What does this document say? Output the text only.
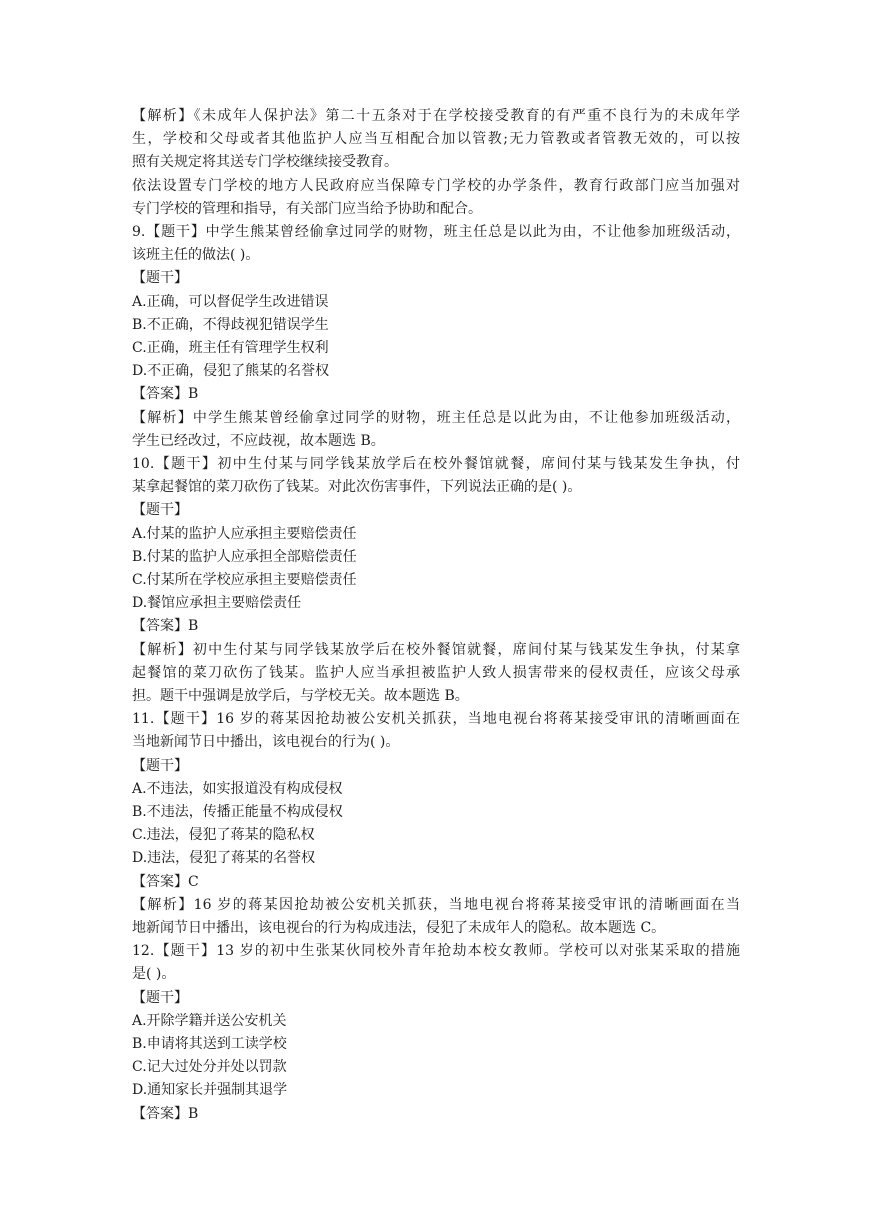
【解析】《未成年人保护法》第二十五条对于在学校接受教育的有严重不良行为的未成年学

生，学校和父母或者其他监护人应当互相配合加以管教;无力管教或者管教无效的，可以按

照有关规定将其送专门学校继续接受教育。

依法设置专门学校的地方人民政府应当保障专门学校的办学条件，教育行政部门应当加强对

专门学校的管理和指导，有关部门应当给予协助和配合。

9.【题干】中学生熊某曾经偷拿过同学的财物，班主任总是以此为由，不让他参加班级活动，

该班主任的做法( )。

【题干】

A.正确，可以督促学生改进错误

B.不正确，不得歧视犯错误学生

C.正确，班主任有管理学生权利

D.不正确，侵犯了熊某的名誉权

【答案】B

【解析】中学生熊某曾经偷拿过同学的财物，班主任总是以此为由，不让他参加班级活动，

学生已经改过，不应歧视，故本题选 B。

10.【题干】初中生付某与同学钱某放学后在校外餐馆就餐，席间付某与钱某发生争执，付

某拿起餐馆的菜刀砍伤了钱某。对此次伤害事件，下列说法正确的是( )。

【题干】

A.付某的监护人应承担主要赔偿责任

B.付某的监护人应承担全部赔偿责任

C.付某所在学校应承担主要赔偿责任

D.餐馆应承担主要赔偿责任

【答案】B

【解析】初中生付某与同学钱某放学后在校外餐馆就餐，席间付某与钱某发生争执，付某拿

起餐馆的菜刀砍伤了钱某。监护人应当承担被监护人致人损害带来的侵权责任，应该父母承

担。题干中强调是放学后，与学校无关。故本题选 B。

11.【题干】16 岁的蒋某因抢劫被公安机关抓获，当地电视台将蒋某接受审讯的清晰画面在

当地新闻节日中播出，该电视台的行为( )。

【题干】

A.不违法，如实报道没有构成侵权

B.不违法，传播正能量不构成侵权

C.违法，侵犯了蒋某的隐私权

D.违法，侵犯了蒋某的名誉权

【答案】C

【解析】16 岁的蒋某因抢劫被公安机关抓获，当地电视台将蒋某接受审讯的清晰画面在当

地新闻节日中播出，该电视台的行为构成违法，侵犯了未成年人的隐私。故本题选 C。

12.【题干】13 岁的初中生张某伙同校外青年抢劫本校女教师。学校可以对张某采取的措施

是( )。

【题干】

A.开除学籍并送公安机关

B.申请将其送到工读学校

C.记大过处分并处以罚款

D.通知家长并强制其退学

【答案】B
